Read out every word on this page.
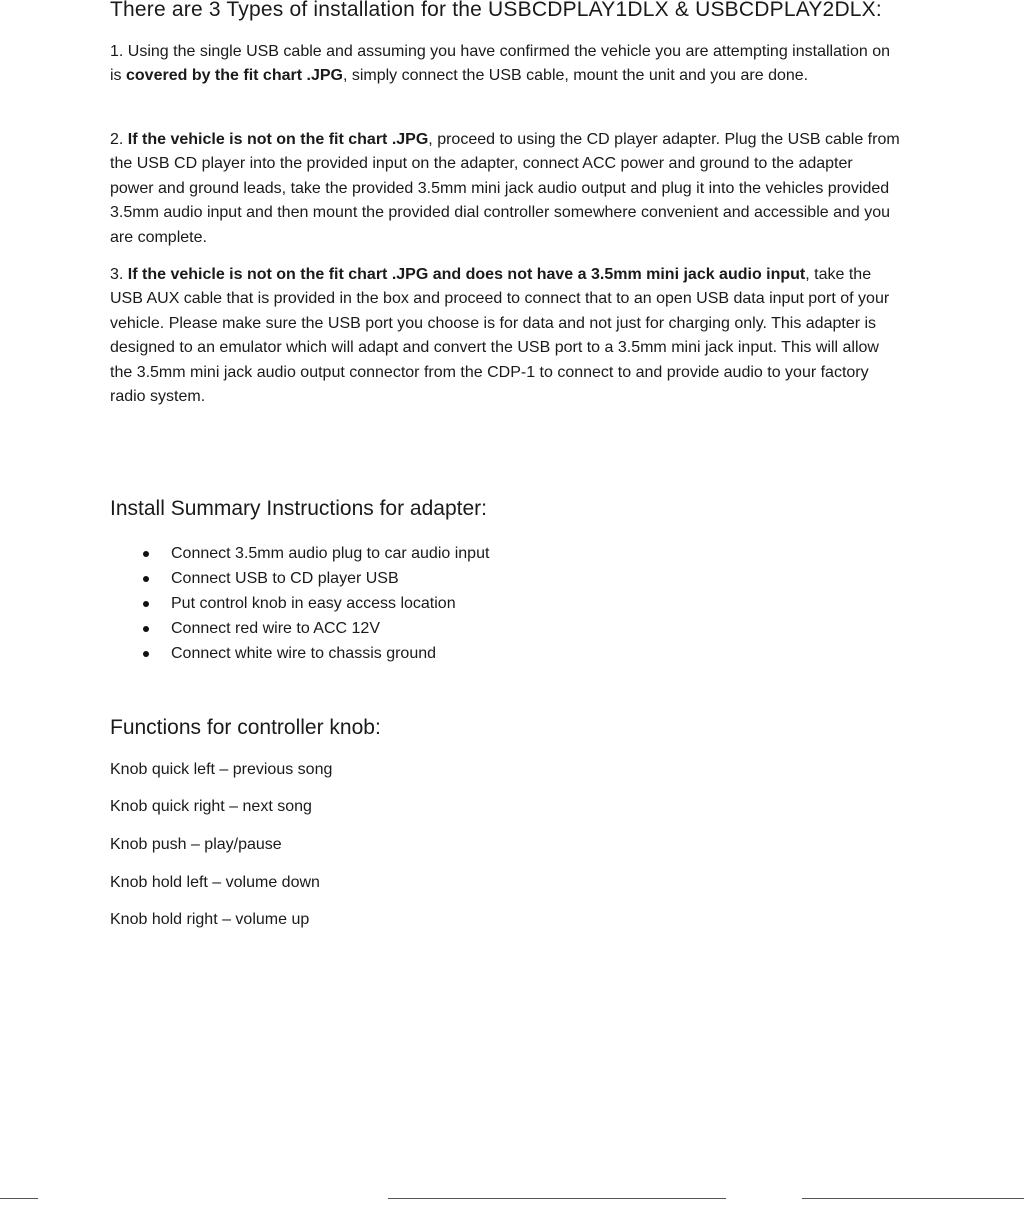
There are 3 Types of installation for the USBCDPLAY1DLX & USBCDPLAY2DLX:

1. Using the single USB cable and assuming you have confirmed the vehicle you are attempting installation on is covered by the fit chart .JPG, simply connect the USB cable, mount the unit and you are done.

2. If the vehicle is not on the fit chart .JPG, proceed to using the CD player adapter. Plug the USB cable from the USB CD player into the provided input on the adapter, connect ACC power and ground to the adapter power and ground leads, take the provided 3.5mm mini jack audio output and plug it into the vehicles provided 3.5mm audio input and then mount the provided dial controller somewhere convenient and accessible and you are complete.

3. If the vehicle is not on the fit chart .JPG and does not have a 3.5mm mini jack audio input, take the USB AUX cable that is provided in the box and proceed to connect that to an open USB data input port of your vehicle. Please make sure the USB port you choose is for data and not just for charging only. This adapter is designed to an emulator which will adapt and convert the USB port to a 3.5mm mini jack input. This will allow the 3.5mm mini jack audio output connector from the CDP-1 to connect to and provide audio to your factory radio system.

Install Summary Instructions for adapter:
Connect 3.5mm audio plug to car audio input
Connect USB to CD player USB
Put control knob in easy access location
Connect red wire to ACC 12V
Connect white wire to chassis ground
Functions for controller knob:
Knob quick left – previous song
Knob quick right – next song
Knob push – play/pause
Knob hold left – volume down
Knob hold right – volume up
